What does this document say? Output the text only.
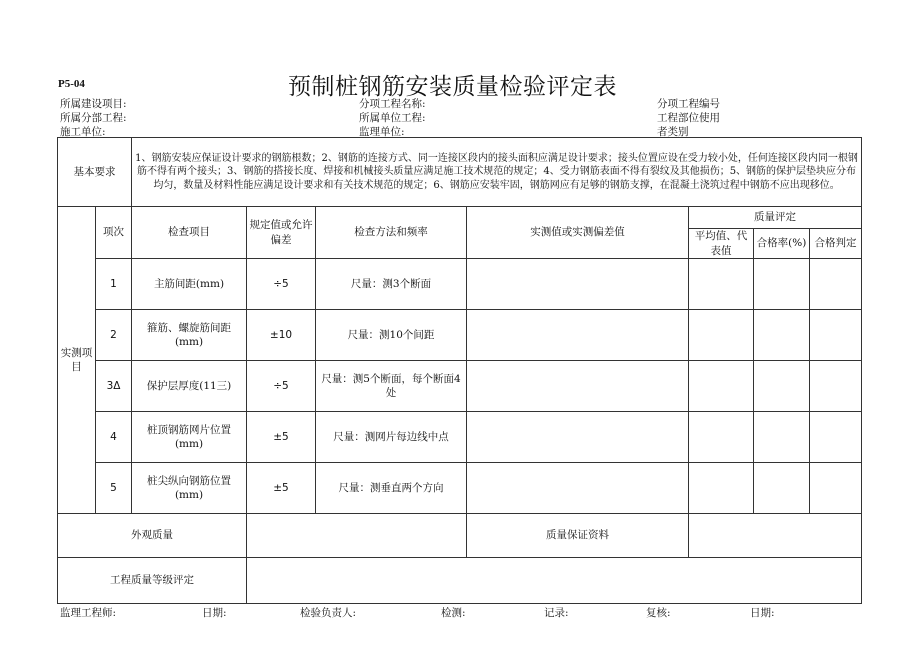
P5-04	预制桩钢筋安装质量检验评定表
所属建设项目:	分项工程名称:	分项工程编号
所属分部工程:	所属单位工程:	工程部位使用
施工单位:	监理单位:	者类别
基本要求		1、钢筋安装应保证设计要求的钢筋根数；2、钢筋的连接方式、同一连接区段内的接头面积应满足设计要求；接头位置应设在受力较小处，任何连接区段内同一根钢筋不得有两个接头；3、钢筋的搭接长度、焊接和机械接头质量应满足施工技术规范的规定；4、受力钢筋表面不得有裂纹及其他损伤；5、钢筋的保护层垫块应分布均匀，数量及材料性能应满足设计要求和有关技术规范的规定；6、钢筋应安装牢固，钢筋网应有足够的钢筋支撑，在混凝土浇筑过程中钢筋不应出现移位。						
实测项目	项次	检查项目	规定值或允许偏差	检查方法和频率	实测值或实测偏差值	质量评定		
						平均值、代表值	合格率(%)	合格判定
	1	主筋间距(mm)	÷5	尺量：测3个断面				
	2	箍筋、螺旋筋间距(mm)	±10	尺量：测10个间距				
	3Δ	保护层厚度(11三)	÷5	尺量：测5个断面，每个断面4处				
	4	桩顶钢筋网片位置(mm)	±5	尺量：测网片每边线中点				
	5	桩尖纵向钢筋位置(mm)	±5	尺量：测垂直两个方向				
外观质量					质量保证资料			
工程质量等级评定								
监理工程师:	日期:	检验负责人:	检测:	记录:	复核:	日期:
